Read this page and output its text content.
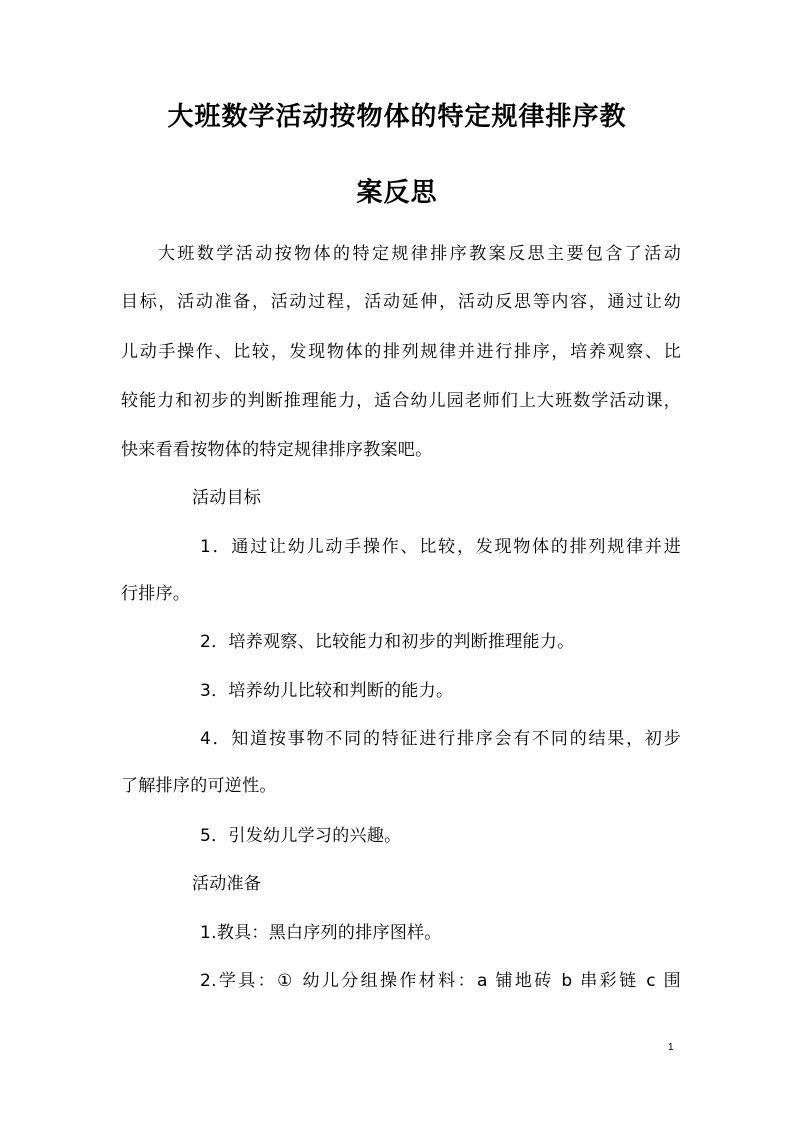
大班数学活动按物体的特定规律排序教
案反思
大班数学活动按物体的特定规律排序教案反思主要包含了活动
目标，活动准备，活动过程，活动延伸，活动反思等内容，通过让幼
儿动手操作、比较，发现物体的排列规律并进行排序，培养观察、比
较能力和初步的判断推理能力，适合幼儿园老师们上大班数学活动课，
快来看看按物体的特定规律排序教案吧。
活动目标
1．通过让幼儿动手操作、比较，发现物体的排列规律并进
行排序。
2．培养观察、比较能力和初步的判断推理能力。
3．培养幼儿比较和判断的能力。
4．知道按事物不同的特征进行排序会有不同的结果，初步
了解排序的可逆性。
5．引发幼儿学习的兴趣。
活动准备
1.教具：黑白序列的排序图样。
2.学具：① 幼儿分组操作材料：a 铺地砖 b 串彩链 c 围
1
